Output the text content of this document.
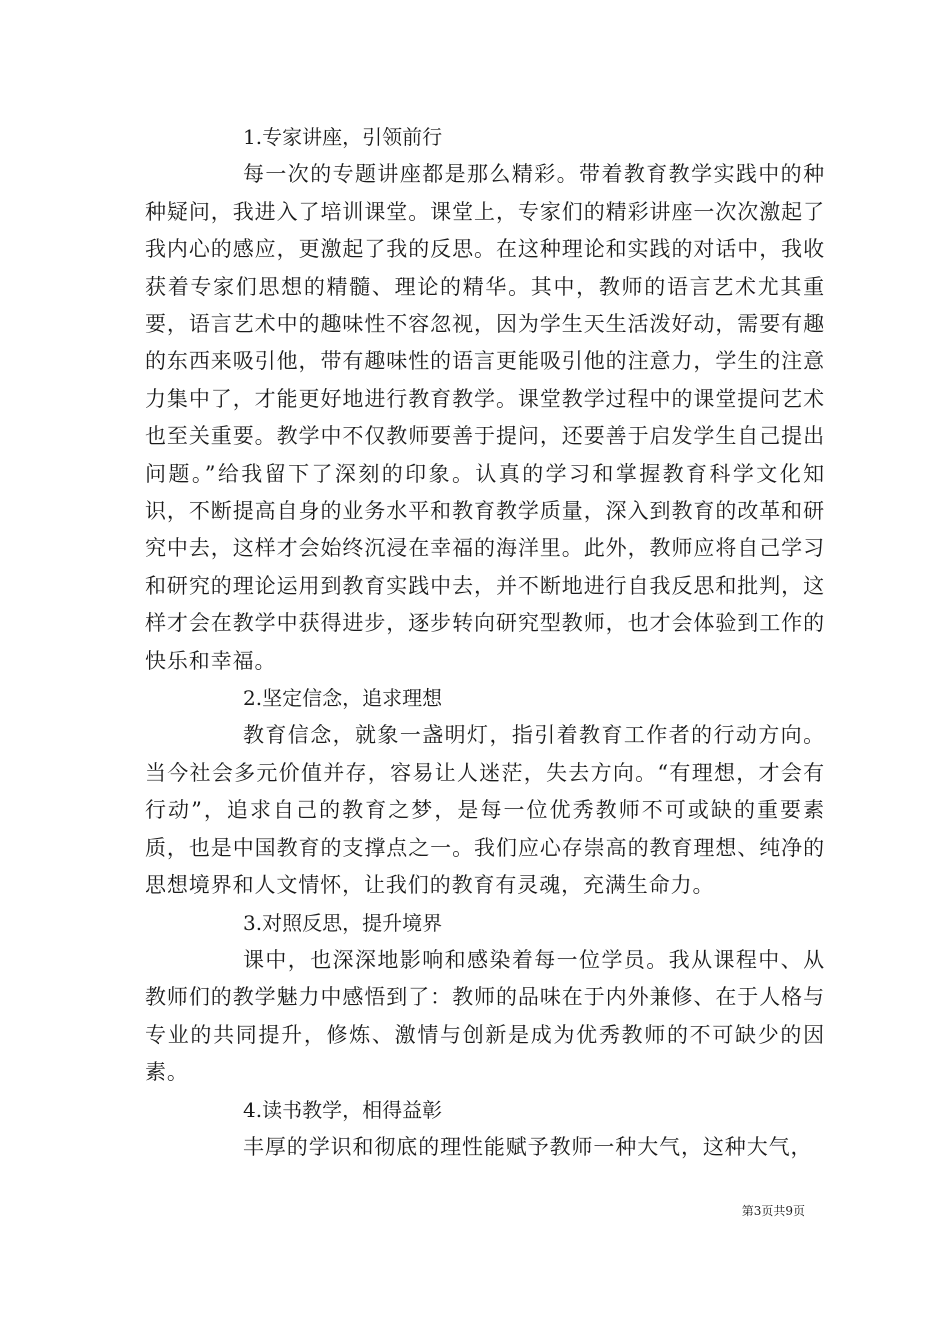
1.专家讲座，引领前行

每一次的专题讲座都是那么精彩。带着教育教学实践中的种种疑问，我进入了培训课堂。课堂上，专家们的精彩讲座一次次激起了我内心的感应，更激起了我的反思。在这种理论和实践的对话中，我收获着专家们思想的精髓、理论的精华。其中，教师的语言艺术尤其重要，语言艺术中的趣味性不容忽视，因为学生天生活泼好动，需要有趣的东西来吸引他，带有趣味性的语言更能吸引他的注意力，学生的注意力集中了，才能更好地进行教育教学。课堂教学过程中的课堂提问艺术也至关重要。教学中不仅教师要善于提问，还要善于启发学生自己提出问题。”给我留下了深刻的印象。认真的学习和掌握教育科学文化知识，不断提高自身的业务水平和教育教学质量，深入到教育的改革和研究中去，这样才会始终沉浸在幸福的海洋里。此外，教师应将自己学习和研究的理论运用到教育实践中去，并不断地进行自我反思和批判，这样才会在教学中获得进步，逐步转向研究型教师，也才会体验到工作的快乐和幸福。

2.坚定信念，追求理想

教育信念，就象一盏明灯，指引着教育工作者的行动方向。当今社会多元价值并存，容易让人迷茫，失去方向。“有理想，才会有行动”，追求自己的教育之梦，是每一位优秀教师不可或缺的重要素质，也是中国教育的支撑点之一。我们应心存崇高的教育理想、纯净的思想境界和人文情怀，让我们的教育有灵魂，充满生命力。

3.对照反思，提升境界

课中，也深深地影响和感染着每一位学员。我从课程中、从教师们的教学魅力中感悟到了：教师的品味在于内外兼修、在于人格与专业的共同提升，修炼、激情与创新是成为优秀教师的不可缺少的因素。

4.读书教学，相得益彰

丰厚的学识和彻底的理性能赋予教师一种大气，这种大气，

第3页共9页
